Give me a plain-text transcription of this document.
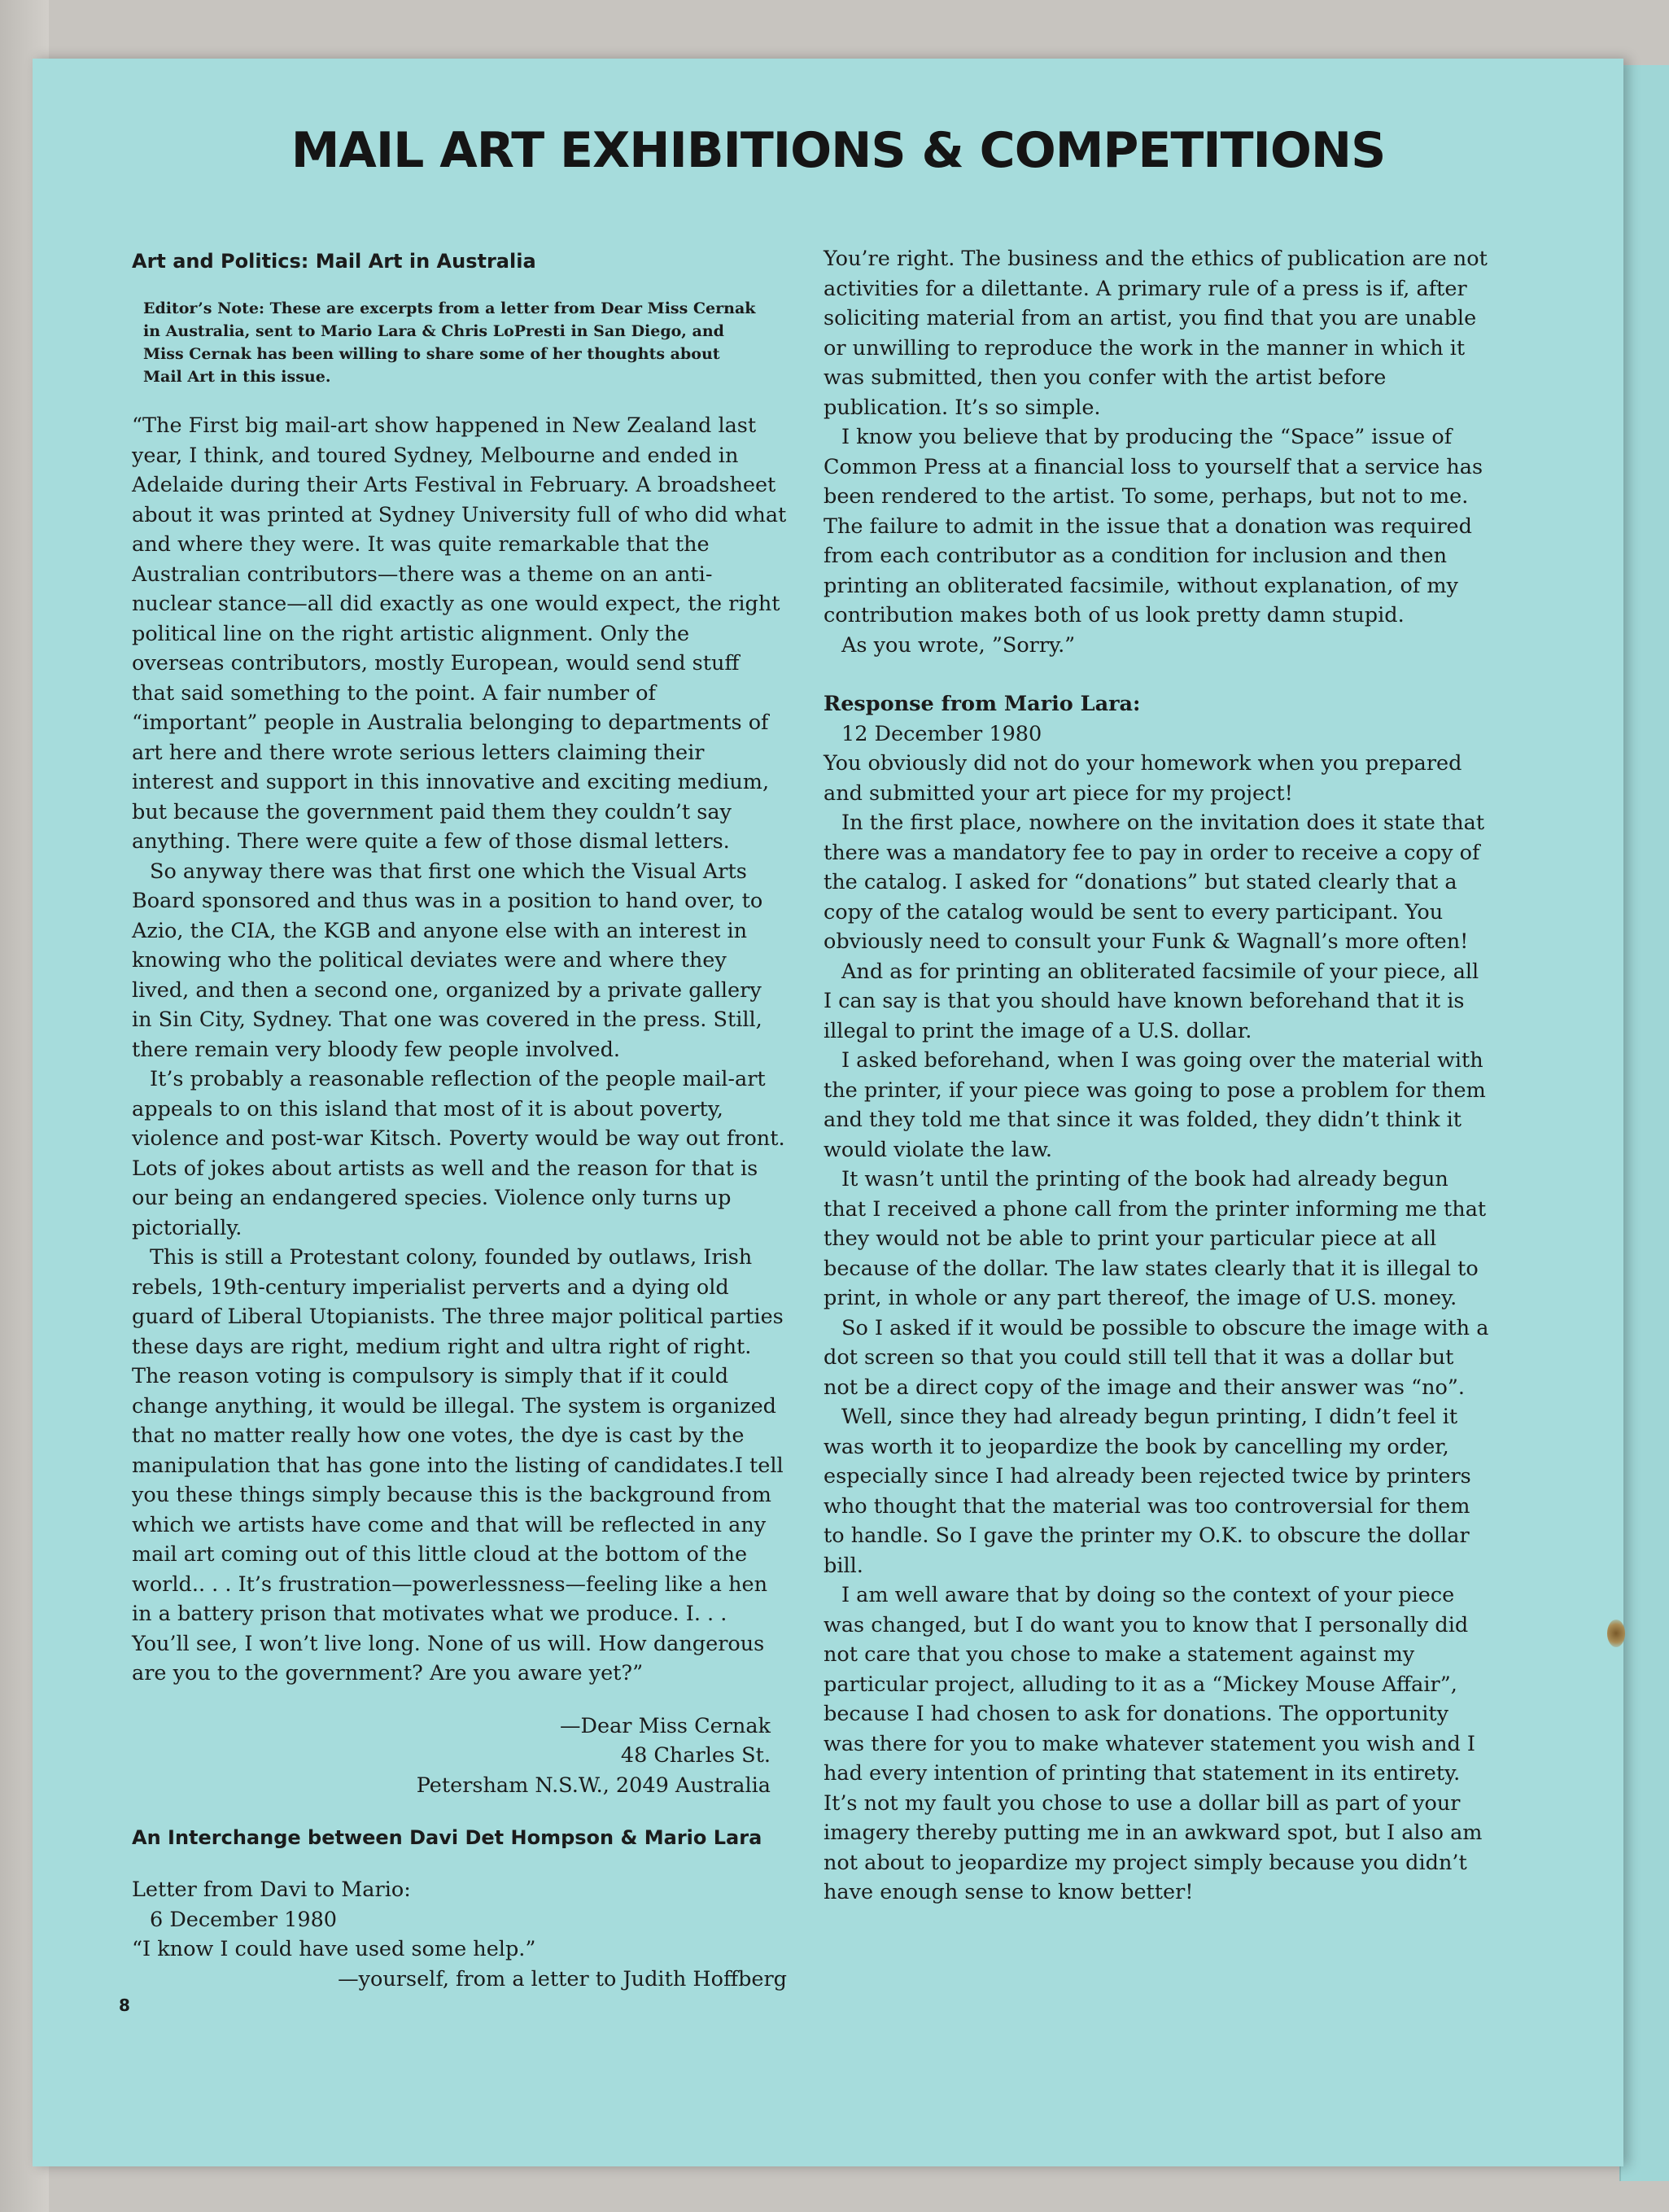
MAIL ART EXHIBITIONS & COMPETITIONS

Art and Politics: Mail Art in Australia

Editor’s Note: These are excerpts from a letter from Dear Miss Cernak in Australia, sent to Mario Lara & Chris LoPresti in San Diego, and Miss Cernak has been willing to share some of her thoughts about Mail Art in this issue.

“The First big mail-art show happened in New Zealand last year, I think, and toured Sydney, Melbourne and ended in Adelaide during their Arts Festival in February. A broadsheet about it was printed at Sydney University full of who did what and where they were. It was quite remarkable that the Australian contributors—there was a theme on an anti-nuclear stance—all did exactly as one would expect, the right political line on the right artistic alignment. Only the overseas contributors, mostly European, would send stuff that said something to the point. A fair number of “important” people in Australia belonging to departments of art here and there wrote serious letters claiming their interest and support in this innovative and exciting medium, but because the government paid them they couldn’t say anything. There were quite a few of those dismal letters.

So anyway there was that first one which the Visual Arts Board sponsored and thus was in a position to hand over, to Azio, the CIA, the KGB and anyone else with an interest in knowing who the political deviates were and where they lived, and then a second one, organized by a private gallery in Sin City, Sydney. That one was covered in the press. Still, there remain very bloody few people involved.

It’s probably a reasonable reflection of the people mail-art appeals to on this island that most of it is about poverty, violence and post-war Kitsch. Poverty would be way out front. Lots of jokes about artists as well and the reason for that is our being an endangered species. Violence only turns up pictorially.

This is still a Protestant colony, founded by outlaws, Irish rebels, 19th-century imperialist perverts and a dying old guard of Liberal Utopianists. The three major political parties these days are right, medium right and ultra right of right. The reason voting is compulsory is simply that if it could change anything, it would be illegal. The system is organized that no matter really how one votes, the dye is cast by the manipulation that has gone into the listing of candidates.I tell you these things simply because this is the background from which we artists have come and that will be reflected in any mail art coming out of this little cloud at the bottom of the world.. . . It’s frustration—powerlessness—feeling like a hen in a battery prison that motivates what we produce. I. . . You’ll see, I won’t live long. None of us will. How dangerous are you to the government? Are you aware yet?”

—Dear Miss Cernak

48 Charles St.

Petersham N.S.W., 2049 Australia

An Interchange between Davi Det Hompson & Mario Lara

Letter from Davi to Mario:

6 December 1980

“I know I could have used some help.”

—yourself, from a letter to Judith Hoffberg

You’re right. The business and the ethics of publication are not activities for a dilettante. A primary rule of a press is if, after soliciting material from an artist, you find that you are unable or unwilling to reproduce the work in the manner in which it was submitted, then you confer with the artist before publication. It’s so simple.

I know you believe that by producing the “Space” issue of Common Press at a financial loss to yourself that a service has been rendered to the artist. To some, perhaps, but not to me. The failure to admit in the issue that a donation was required from each contributor as a condition for inclusion and then printing an obliterated facsimile, without explanation, of my contribution makes both of us look pretty damn stupid.

As you wrote, ”Sorry.”

Response from Mario Lara:

12 December 1980

You obviously did not do your homework when you prepared and submitted your art piece for my project!

In the first place, nowhere on the invitation does it state that there was a mandatory fee to pay in order to receive a copy of the catalog. I asked for “donations” but stated clearly that a copy of the catalog would be sent to every participant. You obviously need to consult your Funk & Wagnall’s more often!

And as for printing an obliterated facsimile of your piece, all I can say is that you should have known beforehand that it is illegal to print the image of a U.S. dollar.

I asked beforehand, when I was going over the material with the printer, if your piece was going to pose a problem for them and they told me that since it was folded, they didn’t think it would violate the law.

It wasn’t until the printing of the book had already begun that I received a phone call from the printer informing me that they would not be able to print your particular piece at all because of the dollar. The law states clearly that it is illegal to print, in whole or any part thereof, the image of U.S. money.

So I asked if it would be possible to obscure the image with a dot screen so that you could still tell that it was a dollar but not be a direct copy of the image and their answer was “no”.

Well, since they had already begun printing, I didn’t feel it was worth it to jeopardize the book by cancelling my order, especially since I had already been rejected twice by printers who thought that the material was too controversial for them to handle. So I gave the printer my O.K. to obscure the dollar bill.

I am well aware that by doing so the context of your piece was changed, but I do want you to know that I personally did not care that you chose to make a statement against my particular project, alluding to it as a “Mickey Mouse Affair”, because I had chosen to ask for donations. The opportunity was there for you to make whatever statement you wish and I had every intention of printing that statement in its entirety. It’s not my fault you chose to use a dollar bill as part of your imagery thereby putting me in an awkward spot, but I also am not about to jeopardize my project simply because you didn’t have enough sense to know better!

8
